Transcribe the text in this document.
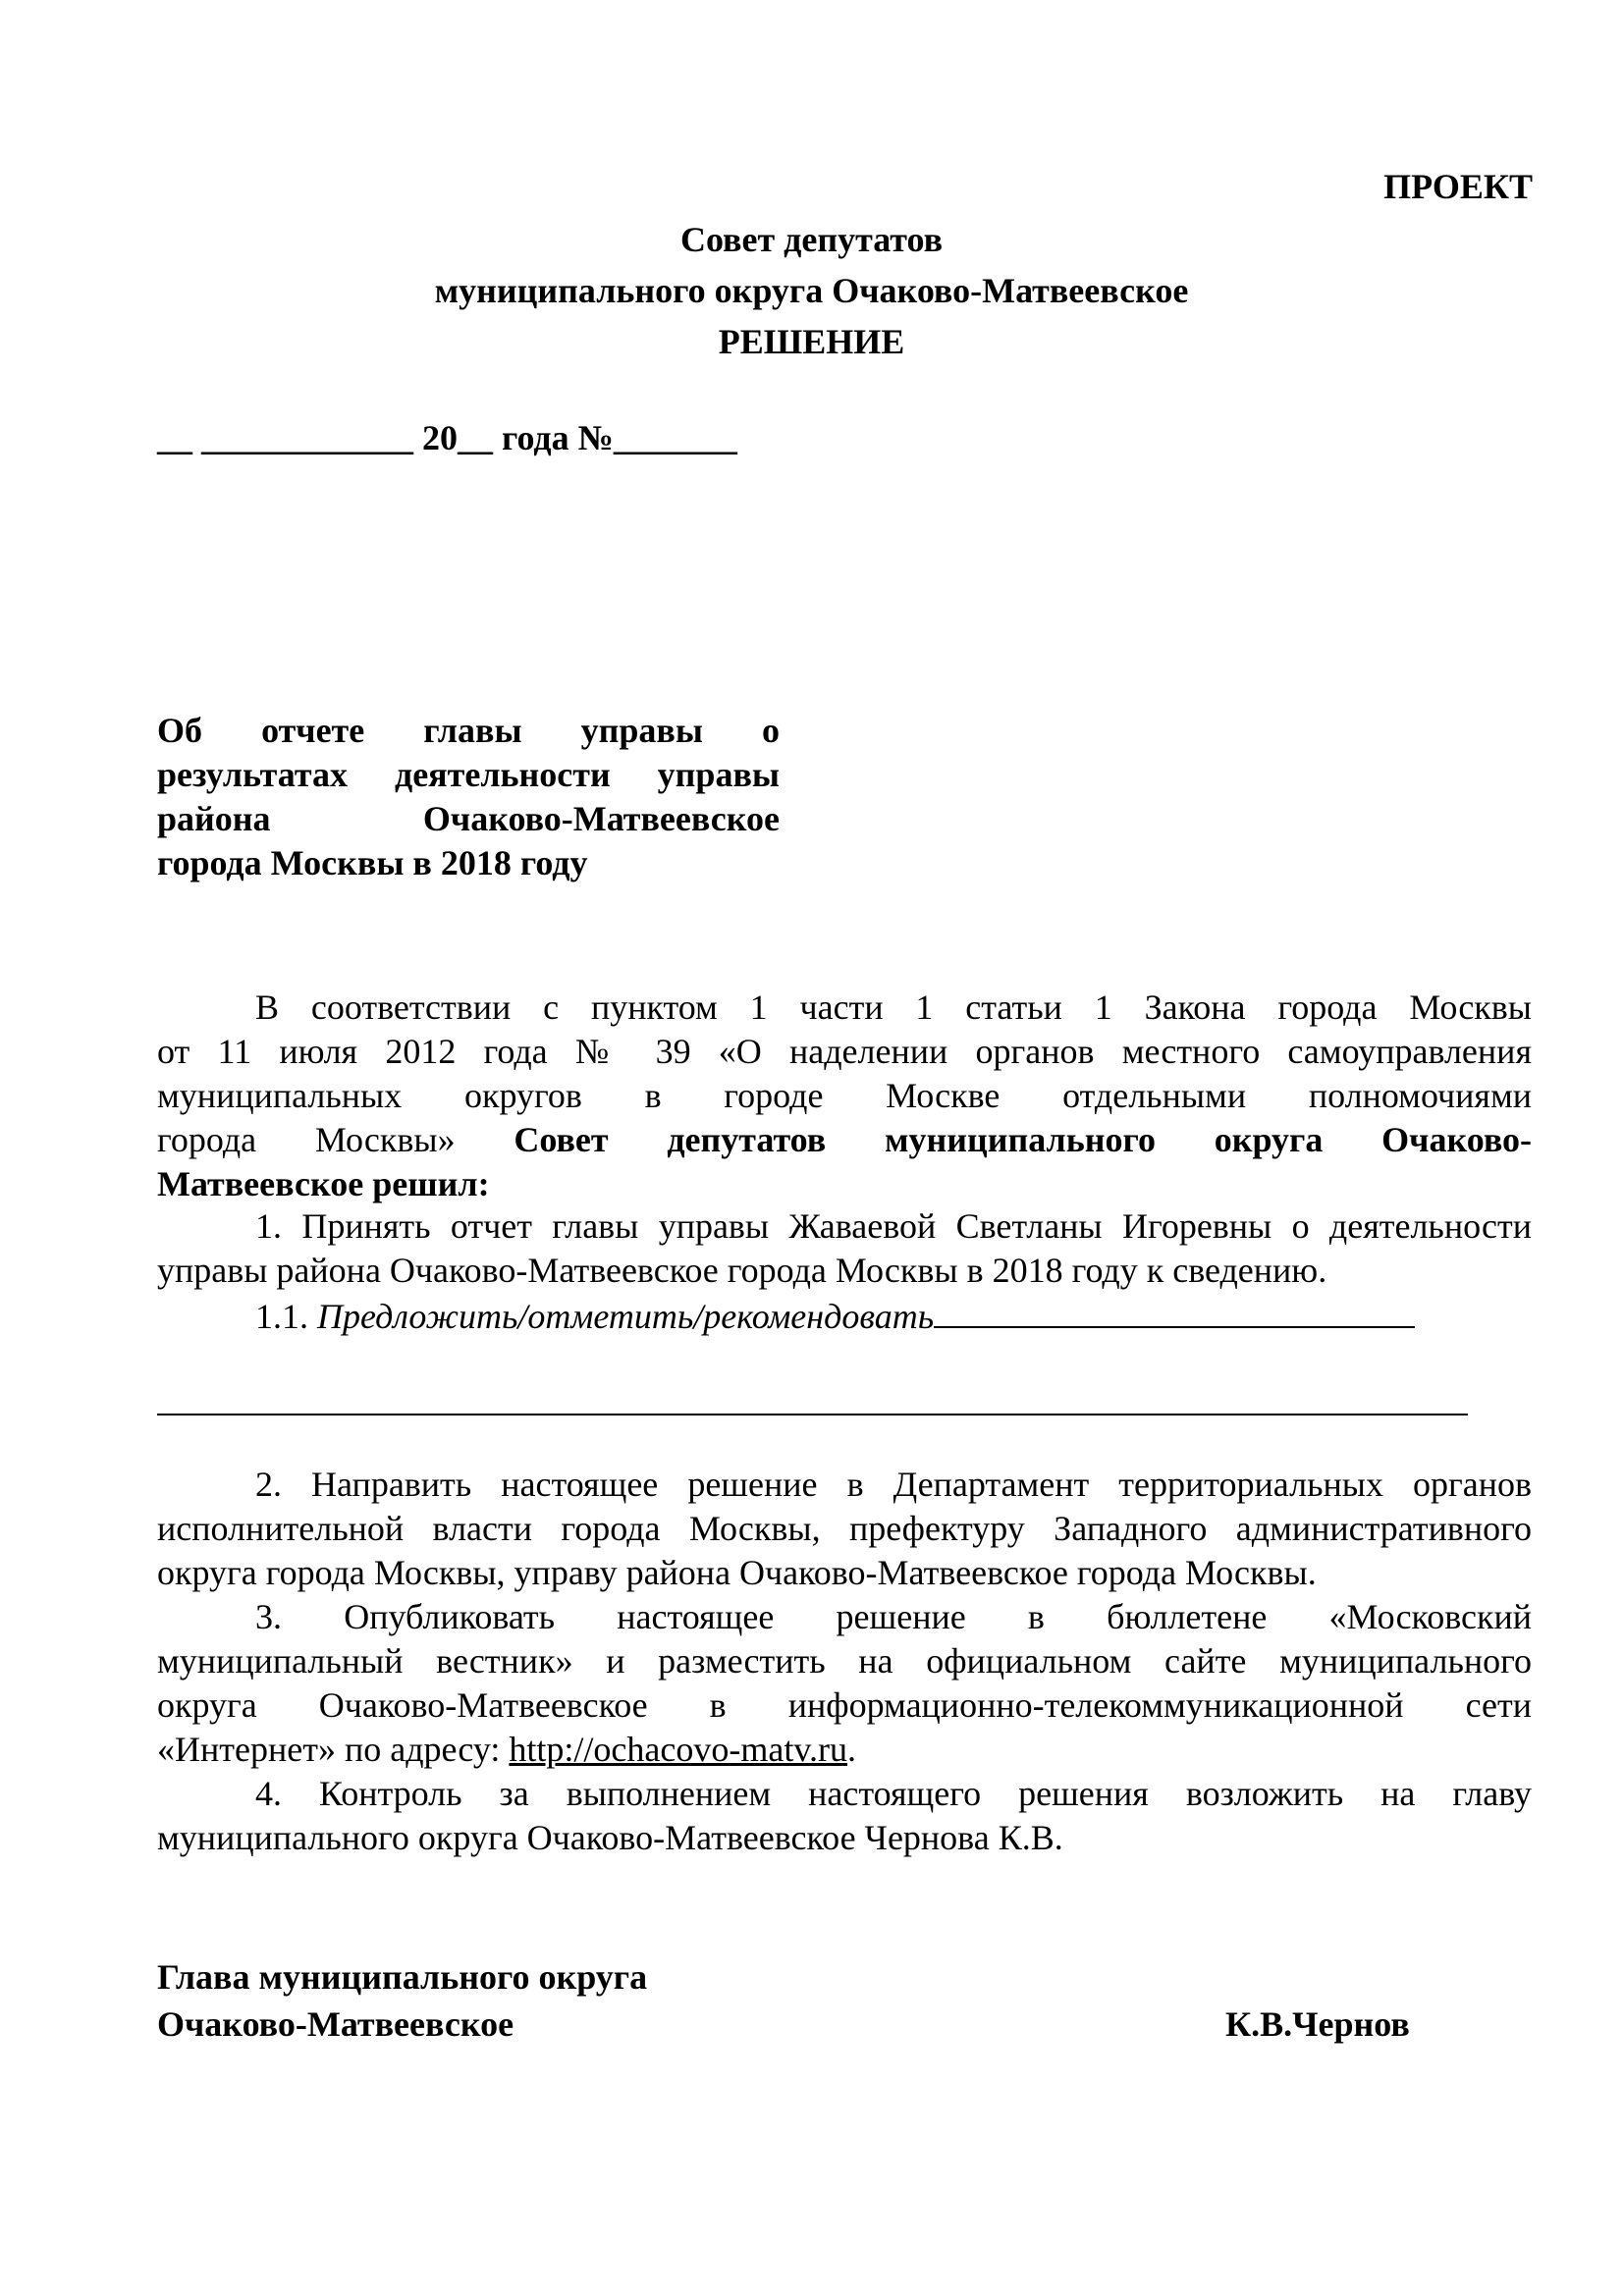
ПРОЕКТ
Совет депутатов
муниципального округа Очаково-Матвеевское
РЕШЕНИЕ
__ ____________ 20__ года №_______
Об отчете главы управы о
результатах деятельности управы
района Очаково-Матвеевское
города Москвы в 2018 году
В соответствии с пунктом 1 части 1 статьи 1 Закона города Москвы
от 11 июля 2012 года № 39 «О наделении органов местного самоуправления
муниципальных округов в городе Москве отдельными полномочиями
города Москвы» Совет депутатов муниципального округа Очаково-
Матвеевское решил:
1. Принять отчет главы управы Жаваевой Светланы Игоревны о деятельности
управы района Очаково-Матвеевское города Москвы в 2018 году к сведению.
1.1. Предложить/отметить/рекомендовать
2. Направить настоящее решение в Департамент территориальных органов
исполнительной власти города Москвы, префектуру Западного административного
округа города Москвы, управу района Очаково-Матвеевское города Москвы.
3. Опубликовать настоящее решение в бюллетене «Московский
муниципальный вестник» и разместить на официальном сайте муниципального
округа Очаково-Матвеевское в информационно-телекоммуникационной сети
«Интернет» по адресу: http://ochacovo-matv.ru.
4. Контроль за выполнением настоящего решения возложить на главу
муниципального округа Очаково-Матвеевское Чернова К.В.
Глава муниципального округа
Очаково-Матвеевское	К.В.Чернов
